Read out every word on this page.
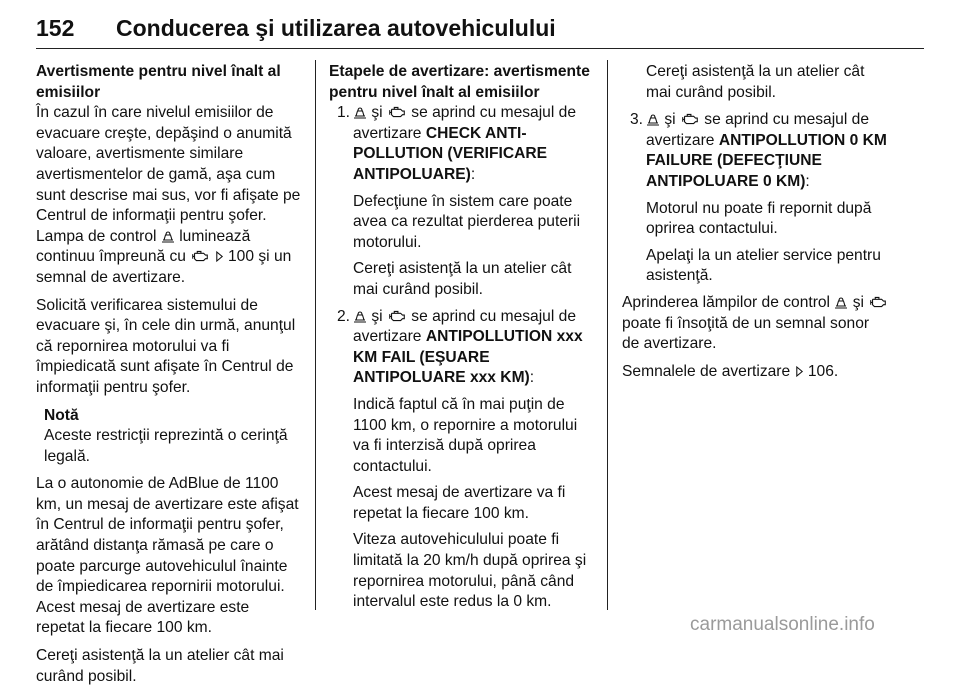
152	Conducerea şi utilizarea autovehiculului

Avertismente pentru nivel înalt al emisiilor

În cazul în care nivelul emisiilor de evacuare creşte, depăşind o anumită valoare, avertismente similare avertismentelor de gamă, aşa cum sunt descrise mai sus, vor fi afişate pe Centrul de informaţii pentru şofer. Lampa de control luminează continuu împreună cu	100 şi un semnal de avertizare.

Solicită verificarea sistemului de evacuare şi, în cele din urmă, anunţul că repornirea motorului va fi împiedicată sunt afişate în Centrul de informaţii pentru şofer.

Notă
Aceste restricţii reprezintă o cerinţă legală.

La o autonomie de AdBlue de 1100 km, un mesaj de avertizare este afişat în Centrul de informaţii pentru şofer, arătând distanţa rămasă pe care o poate parcurge autovehiculul înainte de împiedicarea repornirii motorului. Acest mesaj de avertizare este repetat la fiecare 100 km.

Cereţi asistenţă la un atelier cât mai curând posibil.

Etapele de avertizare: avertismente pentru nivel înalt al emisiilor

1.	şi se aprind cu mesajul de avertizare CHECK ANTI-POLLUTION (VERIFICARE ANTIPOLUARE):

Defecţiune în sistem care poate avea ca rezultat pierderea puterii motorului.

Cereţi asistenţă la un atelier cât mai curând posibil.

2.	şi se aprind cu mesajul de avertizare ANTIPOLLUTION xxx KM FAIL (EŞUARE ANTIPOLUARE xxx KM):

Indică faptul că în mai puţin de 1100 km, o repornire a motorului va fi interzisă după oprirea contactului.

Acest mesaj de avertizare va fi repetat la fiecare 100 km.

Viteza autovehiculului poate fi limitată la 20 km/h după oprirea şi repornirea motorului, până când intervalul este redus la 0 km.

Cereţi asistenţă la un atelier cât mai curând posibil.

3.	şi se aprind cu mesajul de avertizare ANTIPOLLUTION 0 KM FAILURE (DEFECŢIUNE ANTIPOLUARE 0 KM):

Motorul nu poate fi repornit după oprirea contactului.

Apelaţi la un atelier service pentru asistenţă.

Aprinderea lămpilor de control şi  poate fi însoţită de un semnal sonor de avertizare.

Semnalele de avertizare 106.

carmanualsonline.info
